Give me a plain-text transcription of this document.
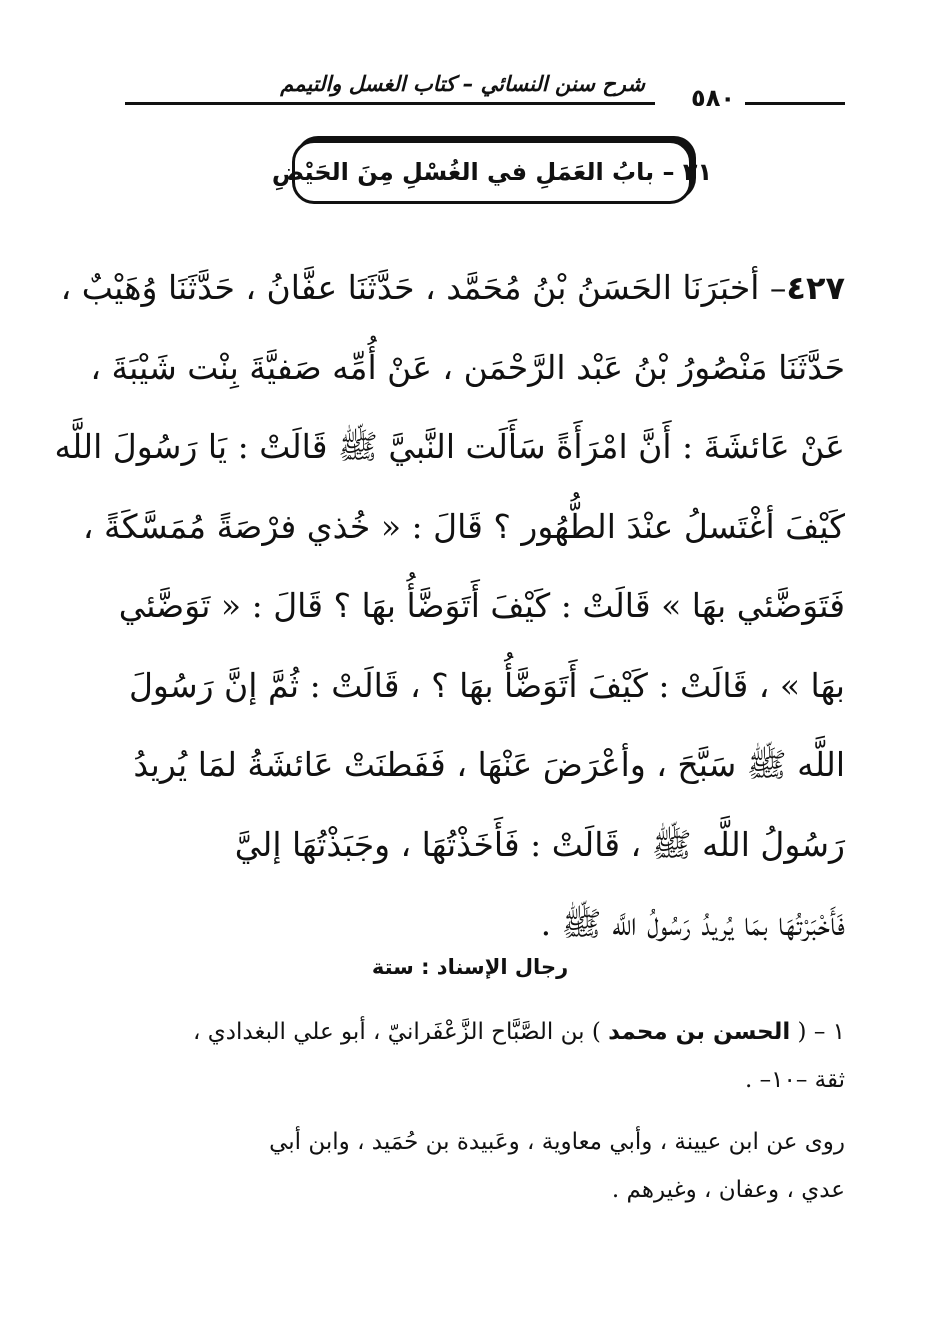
شرح سنن النسائي – كتاب الغسل والتيمم ٥٨٠
٢١ – بابُ العَمَلِ في الغُسْلِ مِنَ الحَيْضِ
٤٢٧– أخبَرَنَا الحَسَنُ بْنُ مُحَمَّد ، حَدَّثَنَا عفَّانُ ، حَدَّثَنَا وُهَيْبٌ ،
حَدَّثَنَا مَنْصُورُ بْنُ عَبْد الرَّحْمَن ، عَنْ أُمِّه صَفيَّةَ بِنْت شَيْبَةَ ،
عَنْ عَائشَةَ : أَنَّ امْرَأَةً سَأَلَت النَّبيَّ ﷺ قَالَتْ : يَا رَسُولَ اللَّه
كَيْفَ أغْتَسلُ عنْدَ الطُّهُور ؟ قَالَ : « خُذي فرْصَةً مُمَسَّكَةً ،
فَتَوَضَّئي بهَا » قَالَتْ : كَيْفَ أَتَوَضَّأُ بهَا ؟ قَالَ : « تَوَضَّئي
بهَا » ، قَالَتْ : كَيْفَ أَتَوَضَّأُ بهَا ؟ ، قَالَتْ : ثُمَّ إنَّ رَسُولَ
اللَّه ﷺ سَبَّحَ ، وأعْرَضَ عَنْهَا ، فَفَطنَتْ عَائشَةُ لمَا يُريدُ
رَسُولُ اللَّه ﷺ ، قَالَتْ : فَأَخَذْتُهَا ، وجَبَذْتُهَا إليَّ
فَأَخْبَرْتُهَا بمَا يُريدُ رَسُولُ اللَّه ﷺ .
رجال الإسناد : ستة
١ – ( الحسن بن محمد ) بن الصَّبَّاح الزَّعْفَرانيّ ، أبو علي البغدادي ،
ثقة –١٠– .
روى عن ابن عيينة ، وأبي معاوية ، وعَبيدة بن حُمَيد ، وابن أبي
عدي ، وعفان ، وغيرهم .
